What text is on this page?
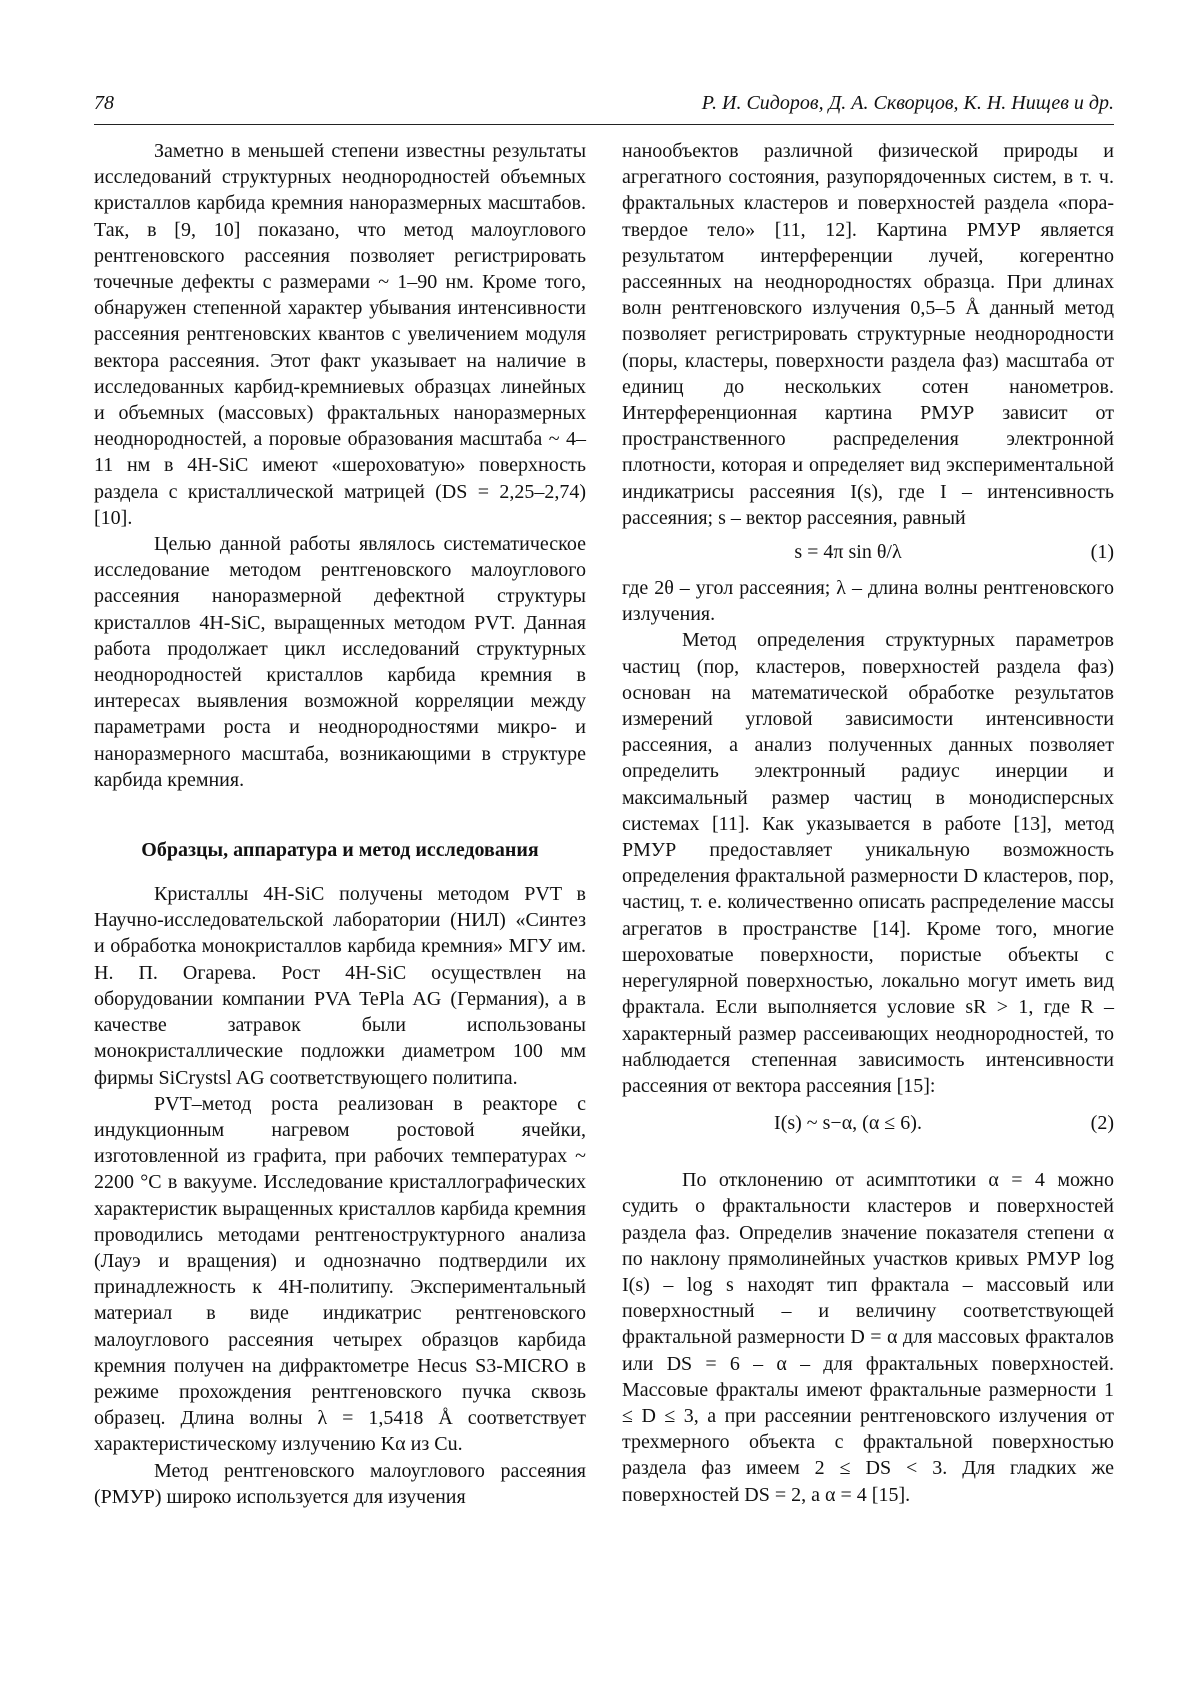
78	Р. И. Сидоров, Д. А. Скворцов, К. Н. Нищев и др.

Заметно в меньшей степени известны результаты исследований структурных неоднородностей объемных кристаллов карбида кремния наноразмерных масштабов. Так, в [9, 10] показано, что метод малоуглового рентгеновского рассеяния позволяет регистрировать точечные дефекты с размерами ~ 1–90 нм. Кроме того, обнаружен степенной характер убывания интенсивности рассеяния рентгеновских квантов с увеличением модуля вектора рассеяния. Этот факт указывает на наличие в исследованных карбид-кремниевых образцах линейных и объемных (массовых) фрактальных наноразмерных неоднородностей, а поровые образования масштаба ~ 4–11 нм в 4H-SiC имеют «шероховатую» поверхность раздела с кристаллической матрицей (DS = 2,25–2,74) [10].

Целью данной работы являлось систематическое исследование методом рентгеновского малоуглового рассеяния наноразмерной дефектной структуры кристаллов 4H-SiC, выращенных методом PVT. Данная работа продолжает цикл исследований структурных неоднородностей кристаллов карбида кремния в интересах выявления возможной корреляции между параметрами роста и неоднородностями микро- и наноразмерного масштаба, возникающими в структуре карбида кремния.

Образцы, аппаратура и метод исследования

Кристаллы 4H-SiC получены методом PVT в Научно-исследовательской лаборатории (НИЛ) «Синтез и обработка монокристаллов карбида кремния» МГУ им. Н. П. Огарева. Рост 4H-SiC осуществлен на оборудовании компании PVA TePla AG (Германия), а в качестве затравок были использованы монокристаллические подложки диаметром 100 мм фирмы SiCrystsl AG соответствующего политипа.

PVT–метод роста реализован в реакторе с индукционным нагревом ростовой ячейки, изготовленной из графита, при рабочих температурах ~ 2200 °C в вакууме. Исследование кристаллографических характеристик выращенных кристаллов карбида кремния проводились методами рентгеноструктурного анализа (Лауэ и вращения) и однозначно подтвердили их принадлежность к 4H-политипу. Экспериментальный материал в виде индикатрис рентгеновского малоуглового рассеяния четырех образцов карбида кремния получен на дифрактометре Hecus S3-MICRO в режиме прохождения рентгеновского пучка сквозь образец. Длина волны λ = 1,5418 Å соответствует характеристическому излучению Kα из Cu.

Метод рентгеновского малоуглового рассеяния (РМУР) широко используется для изучения

нанообъектов различной физической природы и агрегатного состояния, разупорядоченных систем, в т. ч. фрактальных кластеров и поверхностей раздела «пора-твердое тело» [11, 12]. Картина РМУР является результатом интерференции лучей, когерентно рассеянных на неоднородностях образца. При длинах волн рентгеновского излучения 0,5–5 Å данный метод позволяет регистрировать структурные неоднородности (поры, кластеры, поверхности раздела фаз) масштаба от единиц до нескольких сотен нанометров. Интерференционная картина РМУР зависит от пространственного распределения электронной плотности, которая и определяет вид экспериментальной индикатрисы рассеяния I(s), где I – интенсивность рассеяния; s – вектор рассеяния, равный

s = 4π sin θ/λ	(1)

где 2θ – угол рассеяния; λ – длина волны рентгеновского излучения.

Метод определения структурных параметров частиц (пор, кластеров, поверхностей раздела фаз) основан на математической обработке результатов измерений угловой зависимости интенсивности рассеяния, а анализ полученных данных позволяет определить электронный радиус инерции и максимальный размер частиц в монодисперсных системах [11]. Как указывается в работе [13], метод РМУР предоставляет уникальную возможность определения фрактальной размерности D кластеров, пор, частиц, т. е. количественно описать распределение массы агрегатов в пространстве [14]. Кроме того, многие шероховатые поверхности, пористые объекты с нерегулярной поверхностью, локально могут иметь вид фрактала. Если выполняется условие sR > 1, где R – характерный размер рассеивающих неоднородностей, то наблюдается степенная зависимость интенсивности рассеяния от вектора рассеяния [15]:

I(s) ~ s−α, (α ≤ 6).	(2)

По отклонению от асимптотики α = 4 можно судить о фрактальности кластеров и поверхностей раздела фаз. Определив значение показателя степени α по наклону прямолинейных участков кривых РМУР log I(s) – log s находят тип фрактала – массовый или поверхностный – и величину соответствующей фрактальной размерности D = α для массовых фракталов или DS = 6 – α – для фрактальных поверхностей. Массовые фракталы имеют фрактальные размерности 1 ≤ D ≤ 3, а при рассеянии рентгеновского излучения от трехмерного объекта с фрактальной поверхностью раздела фаз имеем 2 ≤ DS < 3. Для гладких же поверхностей DS = 2, а α = 4 [15].
